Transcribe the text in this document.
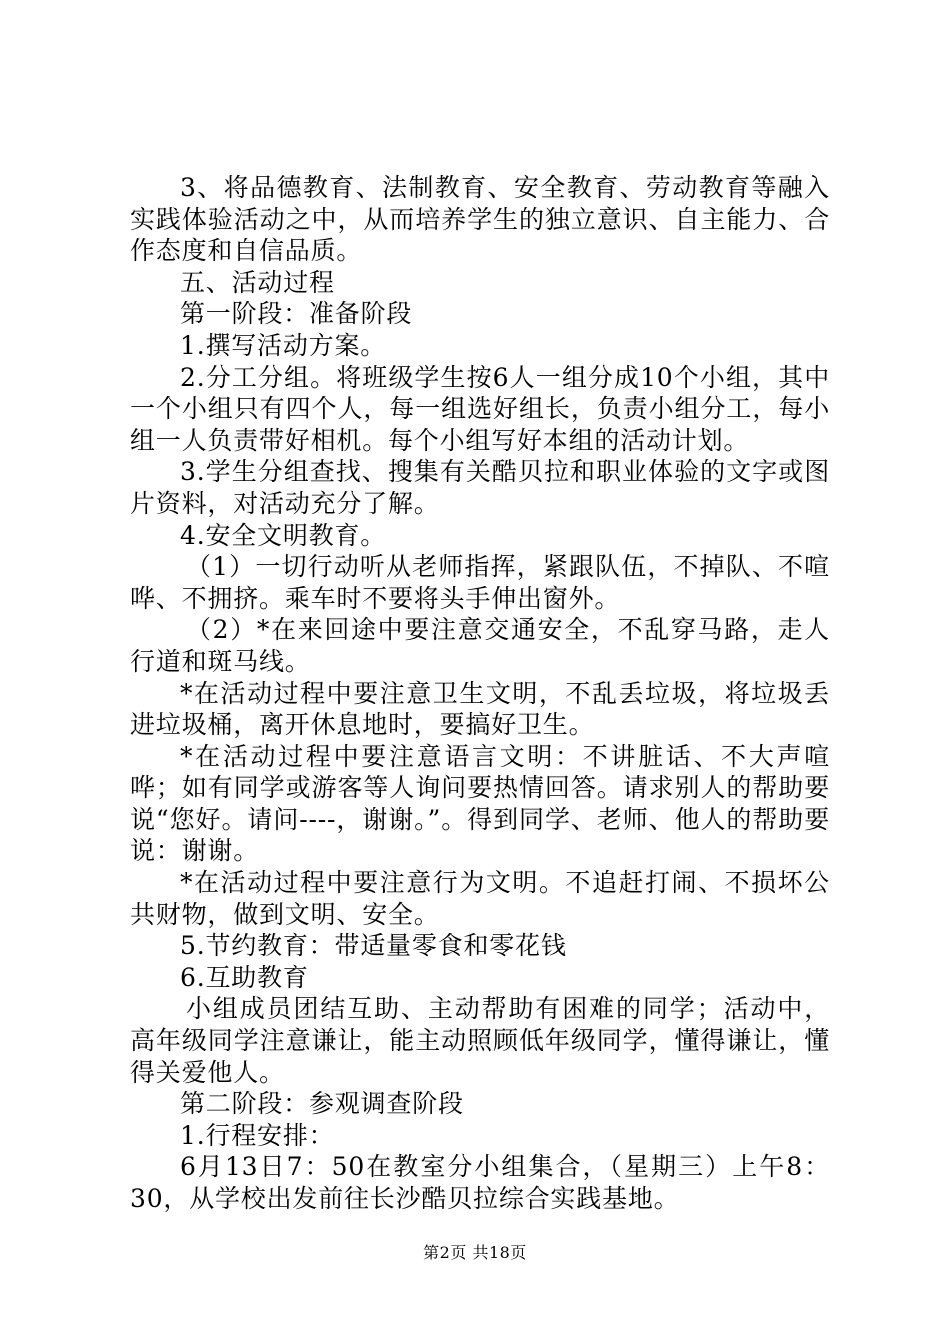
3、将品德教育、法制教育、安全教育、劳动教育等融入实践体验活动之中，从而培养学生的独立意识、自主能力、合作态度和自信品质。

五、活动过程

第一阶段：准备阶段

1.撰写活动方案。

2.分工分组。将班级学生按6人一组分成10个小组，其中一个小组只有四个人，每一组选好组长，负责小组分工，每小组一人负责带好相机。每个小组写好本组的活动计划。

3.学生分组查找、搜集有关酷贝拉和职业体验的文字或图片资料，对活动充分了解。

4.安全文明教育。

（1）一切行动听从老师指挥，紧跟队伍，不掉队、不喧哗、不拥挤。乘车时不要将头手伸出窗外。

（2）*在来回途中要注意交通安全，不乱穿马路，走人行道和斑马线。

*在活动过程中要注意卫生文明，不乱丢垃圾，将垃圾丢进垃圾桶，离开休息地时，要搞好卫生。

*在活动过程中要注意语言文明：不讲脏话、不大声喧哗；如有同学或游客等人询问要热情回答。请求别人的帮助要说“您好。请问----，谢谢。”。得到同学、老师、他人的帮助要说：谢谢。

*在活动过程中要注意行为文明。不追赶打闹、不损坏公共财物，做到文明、安全。

5.节约教育：带适量零食和零花钱

6.互助教育

小组成员团结互助、主动帮助有困难的同学；活动中，高年级同学注意谦让，能主动照顾低年级同学，懂得谦让，懂得关爱他人。

第二阶段：参观调查阶段

1.行程安排：

6月13日7：50在教室分小组集合，（星期三）上午8：30，从学校出发前往长沙酷贝拉综合实践基地。

第2页 共18页
